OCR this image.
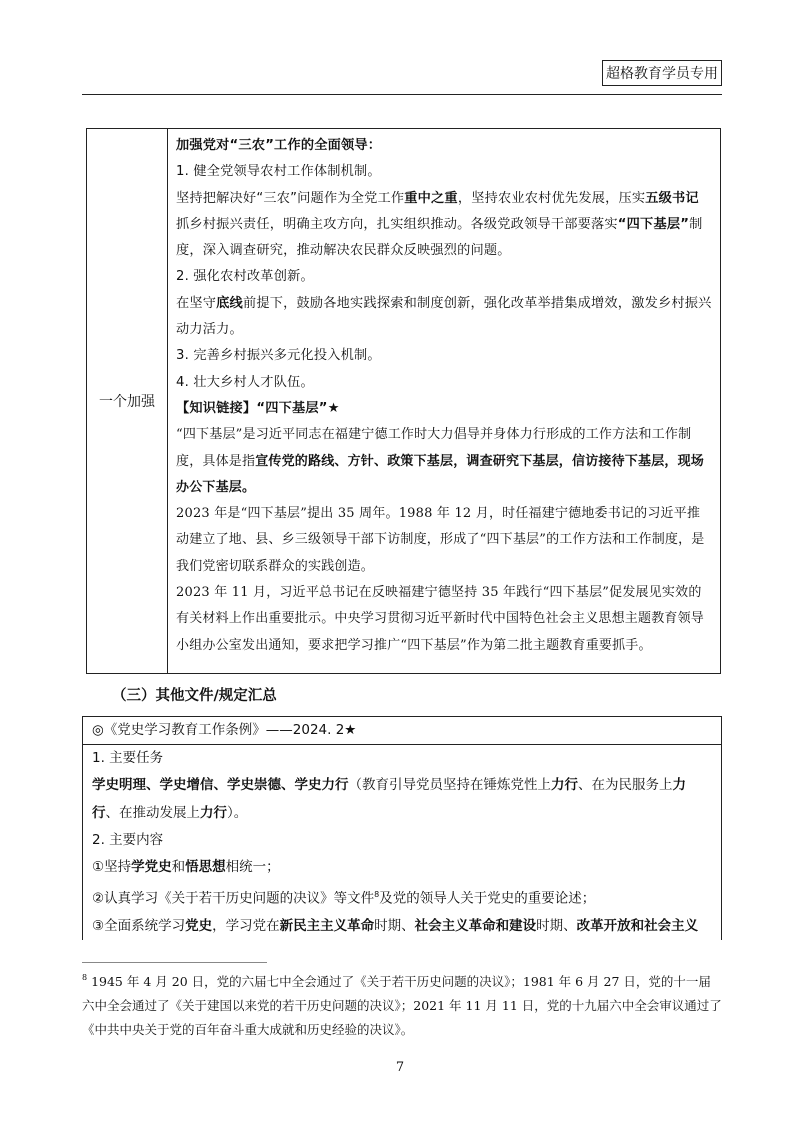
超格教育学员专用
一个加强

加强党对“三农”工作的全面领导：

1. 健全党领导农村工作体制机制。

坚持把解决好“三农”问题作为全党工作重中之重，坚持农业农村优先发展，压实五级书记抓乡村振兴责任，明确主攻方向，扎实组织推动。各级党政领导干部要落实“四下基层”制度，深入调查研究，推动解决农民群众反映强烈的问题。

2. 强化农村改革创新。

在坚守底线前提下，鼓励各地实践探索和制度创新，强化改革举措集成增效，激发乡村振兴动力活力。

3. 完善乡村振兴多元化投入机制。

4. 壮大乡村人才队伍。

【知识链接】“四下基层”★

“四下基层”是习近平同志在福建宁德工作时大力倡导并身体力行形成的工作方法和工作制度，具体是指宣传党的路线、方针、政策下基层，调查研究下基层，信访接待下基层，现场办公下基层。

2023 年是“四下基层”提出 35 周年。1988 年 12 月，时任福建宁德地委书记的习近平推动建立了地、县、乡三级领导干部下访制度，形成了“四下基层”的工作方法和工作制度，是我们党密切联系群众的实践创造。

2023 年 11 月，习近平总书记在反映福建宁德坚持 35 年践行“四下基层”促发展见实效的有关材料上作出重要批示。中央学习贯彻习近平新时代中国特色社会主义思想主题教育领导小组办公室发出通知，要求把学习推广“四下基层”作为第二批主题教育重要抓手。

（三）其他文件/规定汇总
◎《党史学习教育工作条例》——2024. 2★

1. 主要任务

学史明理、学史增信、学史崇德、学史力行（教育引导党员坚持在锤炼党性上力行、在为民服务上力行、在推动发展上力行）。

2. 主要内容

①坚持学党史和悟思想相统一；

②认真学习《关于若干历史问题的决议》等文件$^8$及党的领导人关于党史的重要论述；

③全面系统学习党史，学习党在新民主主义革命时期、社会主义革命和建设时期、改革开放和社会主义

$^8$ 1945 年 4 月 20 日，党的六届七中全会通过了《关于若干历史问题的决议》；1981 年 6 月 27 日，党的十一届六中全会通过了《关于建国以来党的若干历史问题的决议》；2021 年 11 月 11 日，党的十九届六中全会审议通过了《中共中央关于党的百年奋斗重大成就和历史经验的决议》。
7
